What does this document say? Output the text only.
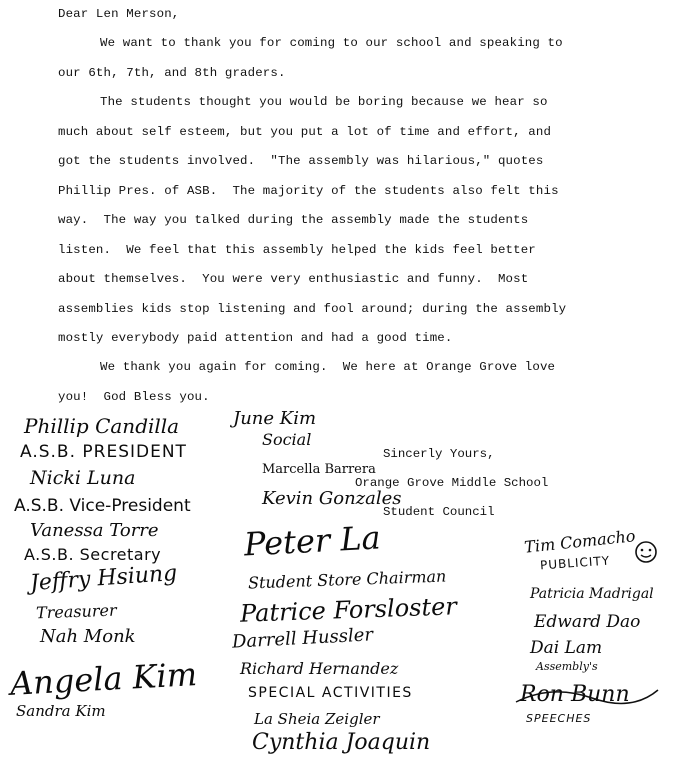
Dear Len Merson,

We want to thank you for coming to our school and speaking to
our 6th, 7th, and 8th graders.

The students thought you would be boring because we hear so
much about self esteem, but you put a lot of time and effort, and
got the students involved.  "The assembly was hilarious," quotes
Phillip Pres. of ASB.  The majority of the students also felt this
way.  The way you talked during the assembly made the students
listen.  We feel that this assembly helped the kids feel better
about themselves.  You were very enthusiastic and funny.  Most
assemblies kids stop listening and fool around; during the assembly
mostly everybody paid attention and had a good time.

We thank you again for coming.  We here at Orange Grove love
you!  God Bless you.

Sincerly Yours,
Orange Grove Middle School
Student Council
Phillip Candilla
A.S.B. PRESIDENT
Nicki Luna
A.S.B. Vice-President
Vanessa Torre
A.S.B. Secretary
Jeffry Hsiung
Treasurer
Nah Monk
Angela Kim
Sandra Kim
June Kim
Social
Marcella Barrera
Kevin Gonzales
Peter La
Student Store Chairman
Patrice Forsloster
Darrell Hussler
Richard Hernandez
SPECIAL ACTIVITIES
La Sheia Zeigler
Cynthia Joaquin
Tim Comacho
PUBLICITY
Patricia Madrigal
Edward Dao
Dai Lam
Assembly's
Ron Bunn
SPEECHES
